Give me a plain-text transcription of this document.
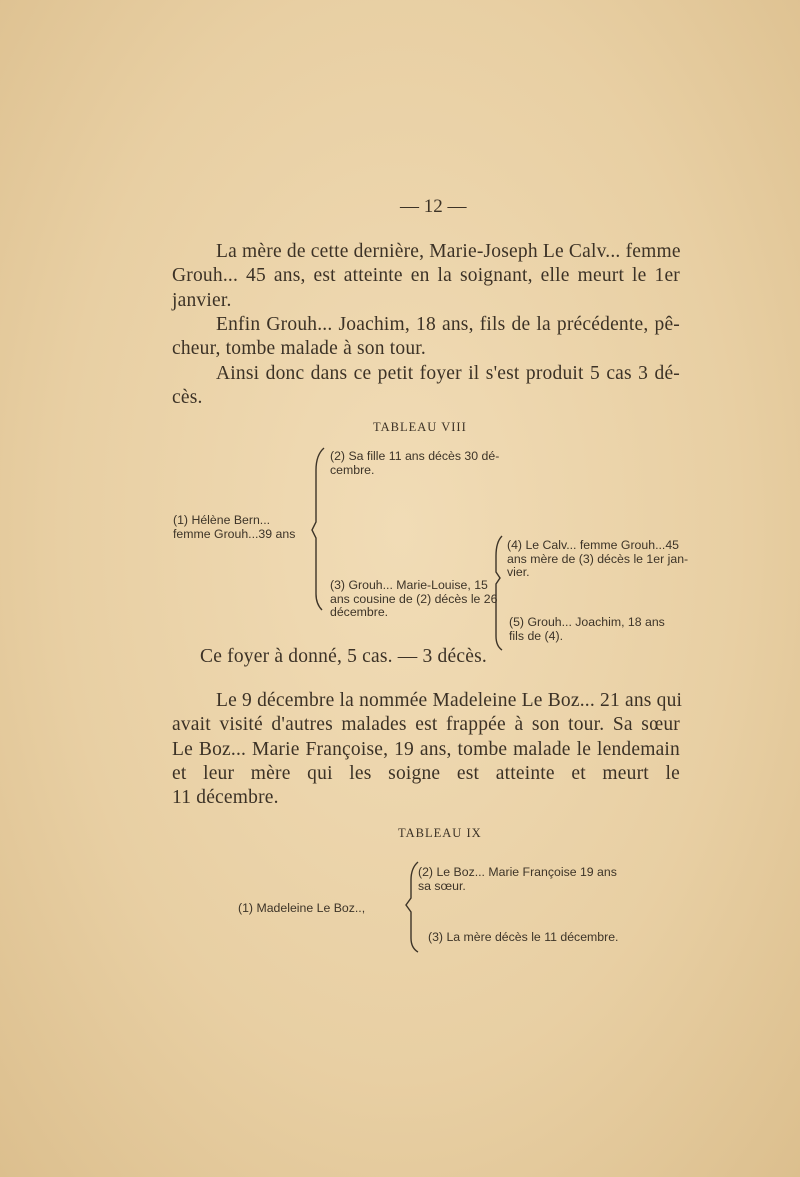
— 12 —
La mère de cette dernière, Marie-Joseph Le Calv... femme
Grouh... 45 ans, est atteinte en la soignant, elle meurt le 1er
janvier.
Enfin Grouh... Joachim, 18 ans, fils de la précédente, pê-
cheur, tombe malade à son tour.
Ainsi donc dans ce petit foyer il s'est produit 5 cas 3 dé-
cès.
TABLEAU VIII
(2) Sa fille 11 ans décès 30 dé-
cembre.
(1) Hélène Bern...
femme Grouh...39 ans
(4) Le Calv... femme Grouh...45
ans mère de (3) décès le 1er jan-
vier.
(3) Grouh... Marie-Louise, 15
ans cousine de (2) décès le 26
décembre.
(5) Grouh... Joachim, 18 ans
fils de (4).
Ce foyer à donné, 5 cas. — 3 décès.
Le 9 décembre la nommée Madeleine Le Boz... 21 ans qui
avait visité d'autres malades est frappée à son tour. Sa sœur
Le Boz... Marie Françoise, 19 ans, tombe malade le lendemain
et leur mère qui les soigne est atteinte et meurt le
11 décembre.
TABLEAU IX
(2) Le Boz... Marie Françoise 19 ans
sa sœur.
(1) Madeleine Le Boz..,
(3) La mère décès le 11 décembre.
